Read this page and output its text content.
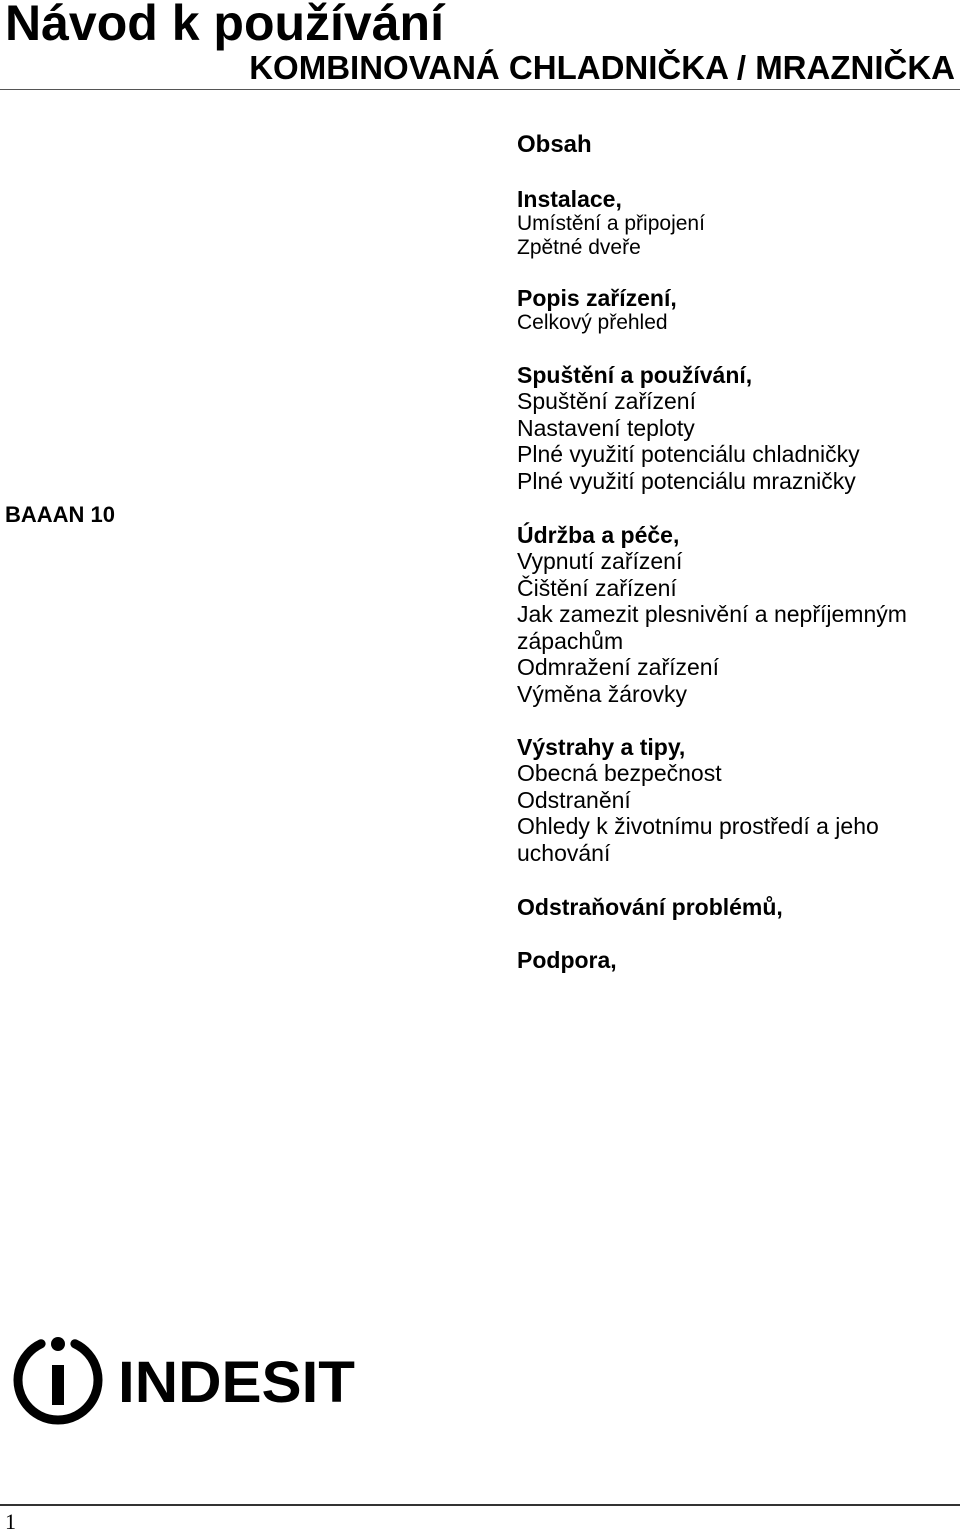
Návod k používání
KOMBINOVANÁ CHLADNIČKA / MRAZNIČKA
BAAAN 10
Obsah
Instalace,
Umístění a připojení
Zpětné dveře
Popis zařízení,
Celkový přehled
Spuštění a používání,
Spuštění zařízení
Nastavení teploty
Plné využití potenciálu chladničky
Plné využití potenciálu mrazničky
Údržba a péče,
Vypnutí zařízení
Čištění zařízení
Jak zamezit plesnivění a nepříjemným zápachům
Odmražení zařízení
Výměna žárovky
Výstrahy a tipy,
Obecná bezpečnost
Odstranění
Ohledy k životnímu prostředí a jeho uchování
Odstraňování problémů,
Podpora,
INDESIT
1
